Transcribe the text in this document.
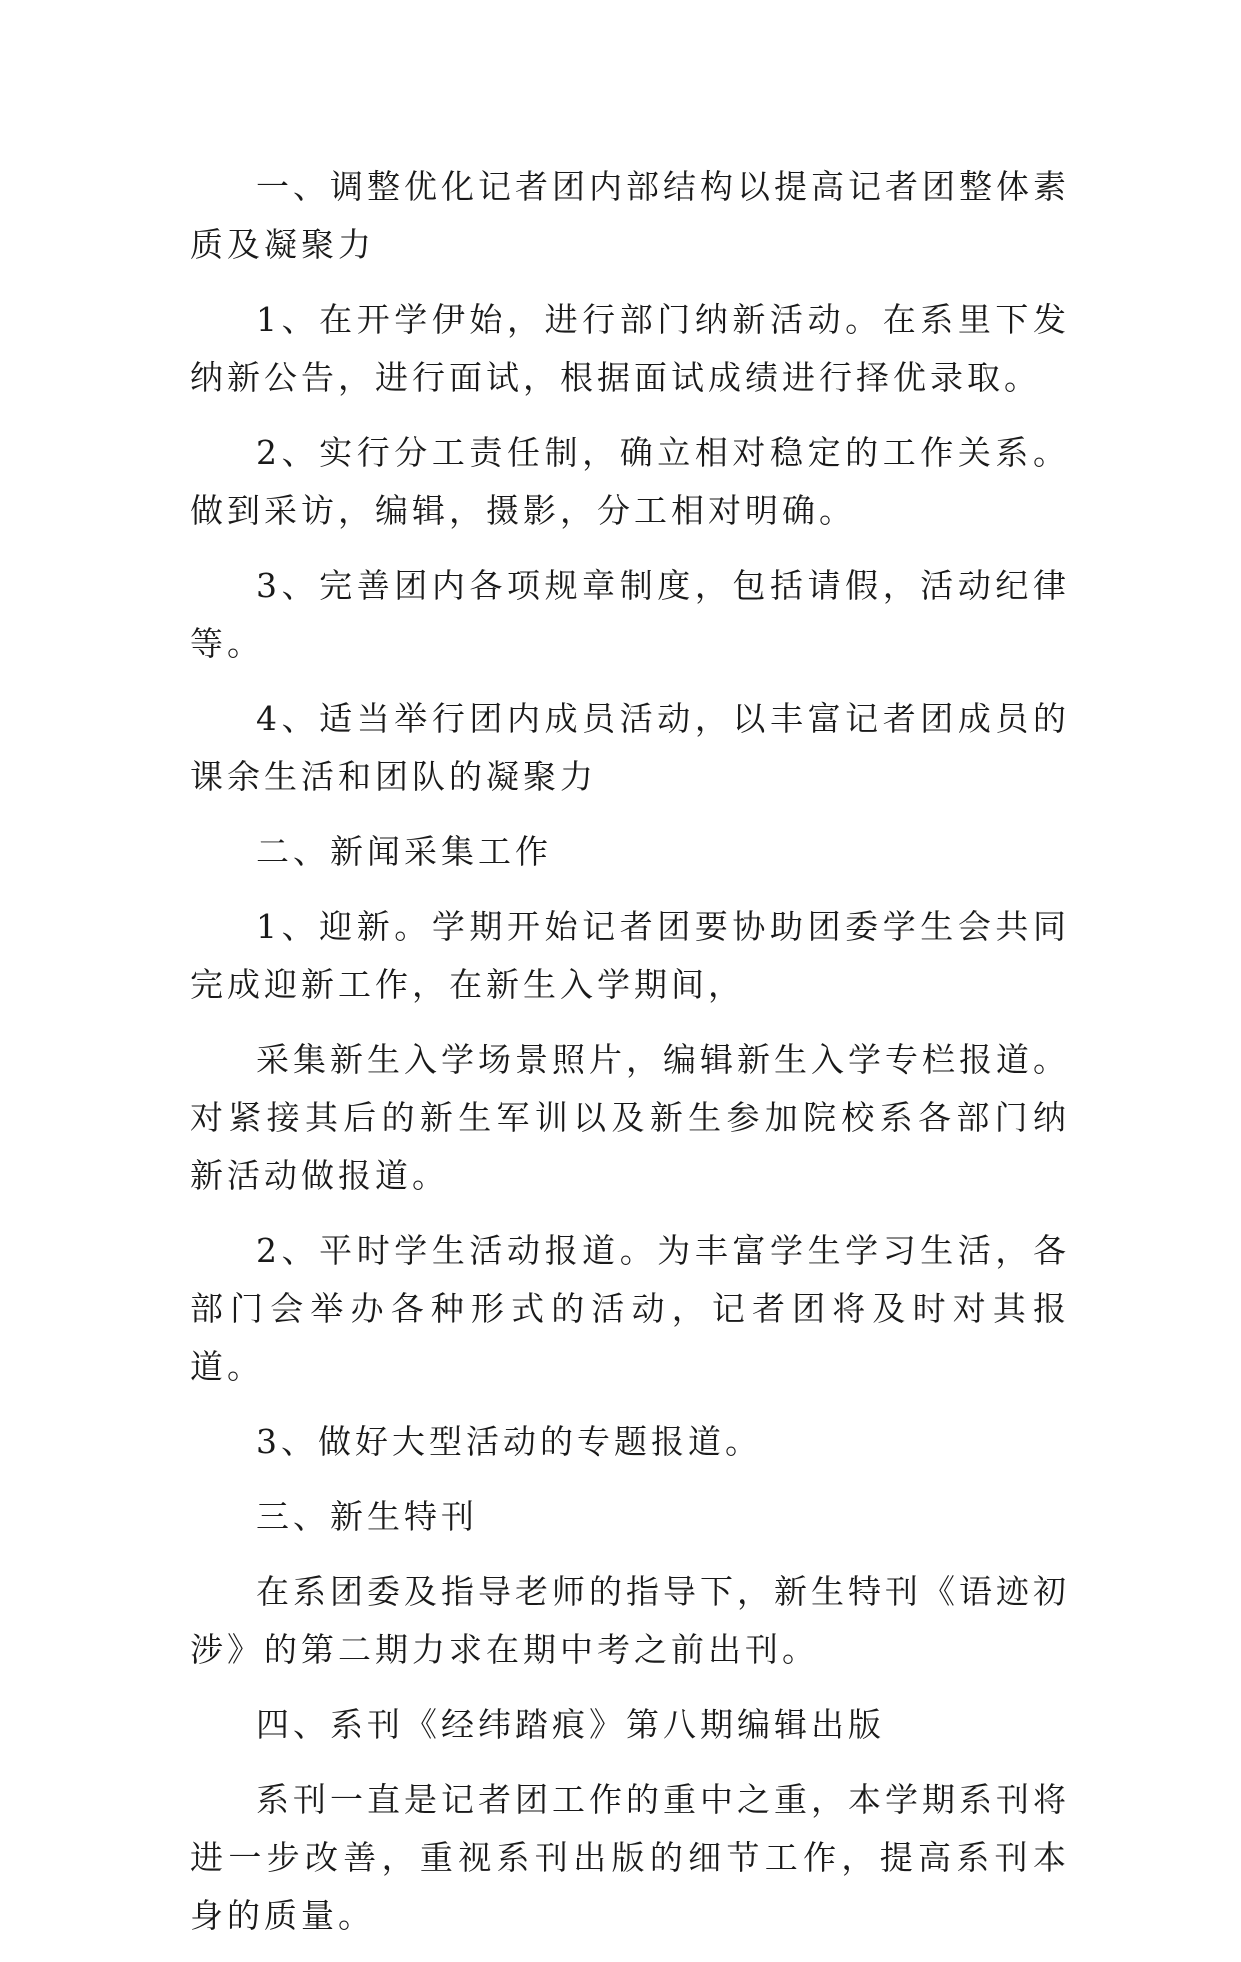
一、调整优化记者团内部结构以提高记者团整体素质及凝聚力

1、在开学伊始，进行部门纳新活动。在系里下发纳新公告，进行面试，根据面试成绩进行择优录取。

2、实行分工责任制，确立相对稳定的工作关系。做到采访，编辑，摄影，分工相对明确。

3、完善团内各项规章制度，包括请假，活动纪律等。

4、适当举行团内成员活动，以丰富记者团成员的课余生活和团队的凝聚力

二、新闻采集工作

1、迎新。学期开始记者团要协助团委学生会共同完成迎新工作，在新生入学期间，

采集新生入学场景照片，编辑新生入学专栏报道。对紧接其后的新生军训以及新生参加院校系各部门纳新活动做报道。

2、平时学生活动报道。为丰富学生学习生活，各部门会举办各种形式的活动，记者团将及时对其报道。

3、做好大型活动的专题报道。

三、新生特刊

在系团委及指导老师的指导下，新生特刊《语迹初涉》的第二期力求在期中考之前出刊。

四、系刊《经纬踏痕》第八期编辑出版

系刊一直是记者团工作的重中之重，本学期系刊将进一步改善，重视系刊出版的细节工作，提高系刊本身的质量。
